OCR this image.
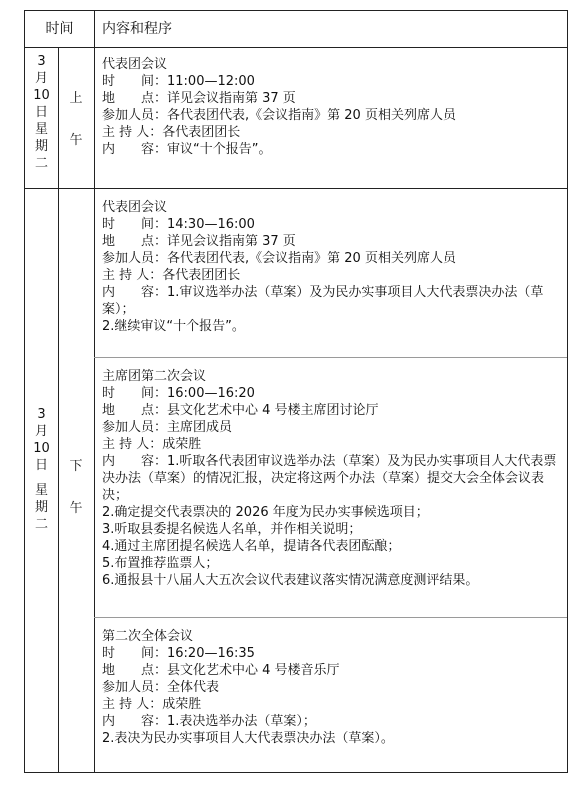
时间	内容和程序
3
月
10
日
星
期
二
上
午
代表团会议
时　　间：11:00—12:00
地　　点：详见会议指南第 37 页
参加人员：各代表团代表,《会议指南》第 20 页相关列席人员
主 持 人：各代表团团长
内　　容：审议“十个报告”。
3
月
10
日
星
期
二
下
午
代表团会议
时　　间：14:30—16:00
地　　点：详见会议指南第 37 页
参加人员：各代表团代表,《会议指南》第 20 页相关列席人员
主 持 人：各代表团团长
内　　容：1.审议选举办法（草案）及为民办实事项目人大代表票决办法（草案）；
2.继续审议“十个报告”。
主席团第二次会议
时　　间：16:00—16:20
地　　点：县文化艺术中心 4 号楼主席团讨论厅
参加人员：主席团成员
主 持 人：成荣胜
内　　容：1.听取各代表团审议选举办法（草案）及为民办实事项目人大代表票决办法（草案）的情况汇报，决定将这两个办法（草案）提交大会全体会议表决；
2.确定提交代表票决的 2026 年度为民办实事候选项目；
3.听取县委提名候选人名单，并作相关说明；
4.通过主席团提名候选人名单，提请各代表团酝酿；
5.布置推荐监票人；
6.通报县十八届人大五次会议代表建议落实情况满意度测评结果。
第二次全体会议
时　　间：16:20—16:35
地　　点：县文化艺术中心 4 号楼音乐厅
参加人员：全体代表
主 持 人：成荣胜
内　　容：1.表决选举办法（草案）；
2.表决为民办实事项目人大代表票决办法（草案）。
